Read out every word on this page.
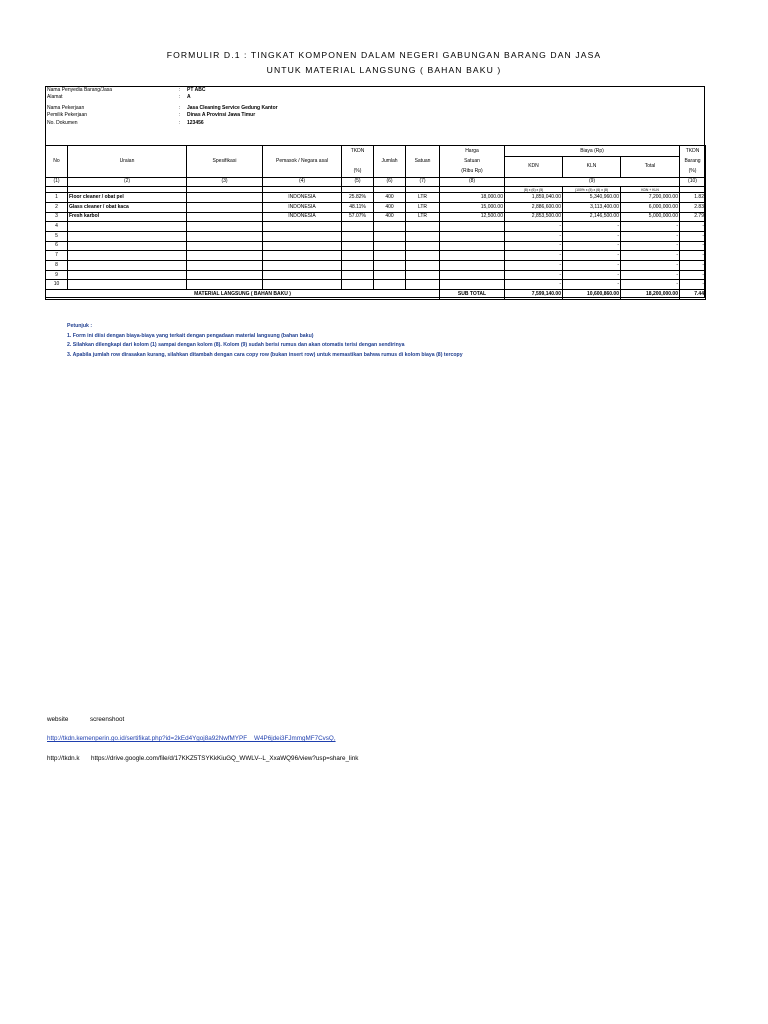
FORMULIR D.1 : TINGKAT KOMPONEN DALAM NEGERI GABUNGAN BARANG DAN JASA
UNTUK MATERIAL LANGSUNG ( BAHAN BAKU )
Nama Penyedia Barang/Jasa	: PT ABC
Alamat	: A
Nama Pekerjaan	: Jasa Cleaning Service Gedung Kantor
Pemilik Pekerjaan	: Dinas A Provinsi Jawa Timur
No. Dokumen	: 123456
No	Uraian	Spesifikasi	Pemasok / Negara asal	TKDN	Jumlah	Satuan	Harga	Biaya (Rp)			TKDN
							Satuan	KDN	KLN	Total	Barang
				(%)			(Ribu Rp)				(%)
(1)	(2)	(3)	(4)	(5)	(6)	(7)	(8)	(9)			(10)
								(8) x (6) x (5)	(100% x (5) x (6) x (8)	KDN + KLN	
1	Floor cleaner / obat pel		INDONESIA	25.82%	400	LTR	18,000.00	1,859,040.00	5,340,960.00	7,200,000.00	1.82
2	Glass cleaner / obat kaca		INDONESIA	48.11%	400	LTR	15,000.00	2,886,600.00	3,113,400.00	6,000,000.00	2.83
3	Fresh karbol		INDONESIA	57.07%	400	LTR	12,500.00	2,853,500.00	2,146,500.00	5,000,000.00	2.79
4								-	-	-	-
5								-	-	-	-
6								-	-	-	-
7								-	-	-	-
8								-	-	-	-
9								-	-	-	-
10								-	-	-	-
MATERIAL LANGSUNG ( BAHAN BAKU )							SUB TOTAL	7,599,140.00	10,600,860.00	18,200,000.00	7.44
Petunjuk :
1. Form ini diisi dengan biaya-biaya yang terkait dengan pengadaan material langsung (bahan baku)
2. Silahkan dilengkapi dari kolom (1) sampai dengan kolom (8). Kolom (9) sudah berisi rumus dan akan otomatis terisi dengan sendirinya
3. Apabila jumlah row dirasakan kurang, silahkan ditambah dengan cara copy row (bukan insert row) untuk memastikan bahwa rumus di kolom biaya (8) tercopy
website	screenshoot
http://tkdn.kemenperin.go.id/sertifikat.php?id=2kEd4Ygoj8a92NwfMYPF__W4P6jdei3FJmmgMF7CvsQ,
http://tkdn.k https://drive.google.com/file/d/17KKZ5TSYKkKiuGQ_WWLV--L_XxaWQ96/view?usp=share_link
